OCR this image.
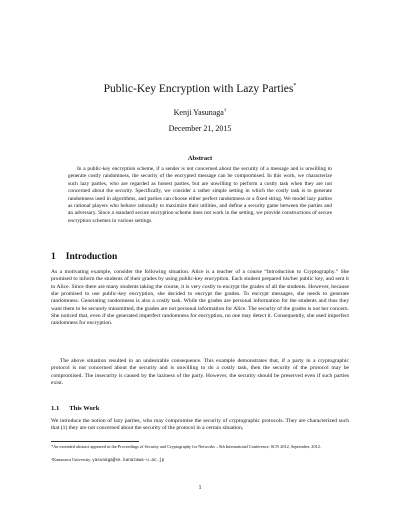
Public-Key Encryption with Lazy Parties*
Kenji Yasunaga†
December 21, 2015
Abstract
In a public-key encryption scheme, if a sender is not concerned about the security of a message and is unwilling to generate costly randomness, the security of the encrypted message can be compromised. In this work, we characterize such lazy parties, who are regarded as honest parties, but are unwilling to perform a costly task when they are not concerned about the security. Specifically, we consider a rather simple setting in which the costly task is to generate randomness used in algorithms, and parties can choose either perfect randomness or a fixed string. We model lazy parties as rational players who behave rationally to maximize their utilities, and define a security game between the parties and an adversary. Since a standard secure encryption scheme does not work in the setting, we provide constructions of secure encryption schemes in various settings.
1 Introduction
As a motivating example, consider the following situation. Alice is a teacher of a course “Introduction to Cryptography.” She promised to inform the students of their grades by using public-key encryption. Each student prepared his/her public key, and sent it to Alice. Since there are many students taking the course, it is very costly to encrypt the grades of all the students. However, because she promised to use public-key encryption, she decided to encrypt the grades. To encrypt messages, she needs to generate randomness. Generating randomness is also a costly task. While the grades are personal information for the students and thus they want them to be securely transmitted, the grades are not personal information for Alice. The security of the grades is not her concern. She noticed that, even if she generated imperfect randomness for encryption, no one may detect it. Consequently, she used imperfect randomness for encryption.
The above situation resulted in an undesirable consequence. This example demonstrates that, if a party in a cryptographic protocol is not concerned about the security and is unwilling to do a costly task, then the security of the protocol may be compromised. The insecurity is caused by the laziness of the party. However, the security should be preserved even if such parties exist.
1.1 This Work
We introduce the notion of lazy parties, who may compromise the security of cryptographic protocols. They are characterized such that (1) they are not concerned about the security of the protocol in a certain situation,
*An extended abstract appeared in the Proceedings of Security and Cryptography for Networks – 8th International Conference, SCN 2012, September, 2012.
†Kanazawa University. yasunaga@se.kanazawa-u.ac.jp
1
